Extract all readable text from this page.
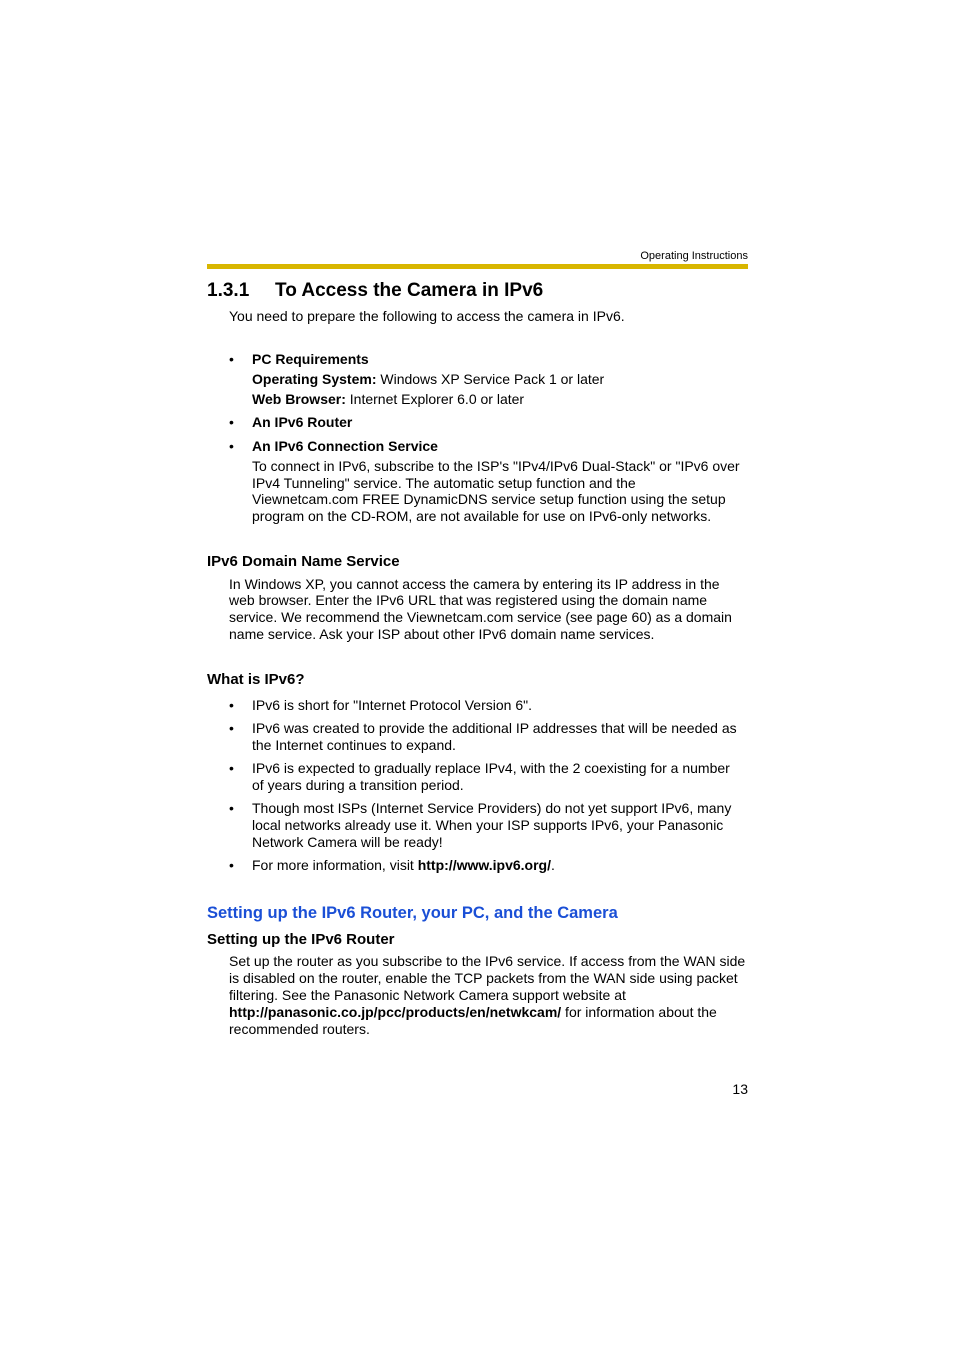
Operating Instructions
1.3.1 To Access the Camera in IPv6
You need to prepare the following to access the camera in IPv6.
• PC Requirements
Operating System: Windows XP Service Pack 1 or later
Web Browser: Internet Explorer 6.0 or later
• An IPv6 Router
• An IPv6 Connection Service
To connect in IPv6, subscribe to the ISP's "IPv4/IPv6 Dual-Stack" or "IPv6 over
IPv4 Tunneling" service. The automatic setup function and the
Viewnetcam.com FREE DynamicDNS service setup function using the setup
program on the CD-ROM, are not available for use on IPv6-only networks.
IPv6 Domain Name Service
In Windows XP, you cannot access the camera by entering its IP address in the
web browser. Enter the IPv6 URL that was registered using the domain name
service. We recommend the Viewnetcam.com service (see page 60) as a domain
name service. Ask your ISP about other IPv6 domain name services.
What is IPv6?
• IPv6 is short for "Internet Protocol Version 6".
• IPv6 was created to provide the additional IP addresses that will be needed as
the Internet continues to expand.
• IPv6 is expected to gradually replace IPv4, with the 2 coexisting for a number
of years during a transition period.
• Though most ISPs (Internet Service Providers) do not yet support IPv6, many
local networks already use it. When your ISP supports IPv6, your Panasonic
Network Camera will be ready!
• For more information, visit http://www.ipv6.org/.
Setting up the IPv6 Router, your PC, and the Camera
Setting up the IPv6 Router
Set up the router as you subscribe to the IPv6 service. If access from the WAN side
is disabled on the router, enable the TCP packets from the WAN side using packet
filtering. See the Panasonic Network Camera support website at
http://panasonic.co.jp/pcc/products/en/netwkcam/ for information about the
recommended routers.
13
